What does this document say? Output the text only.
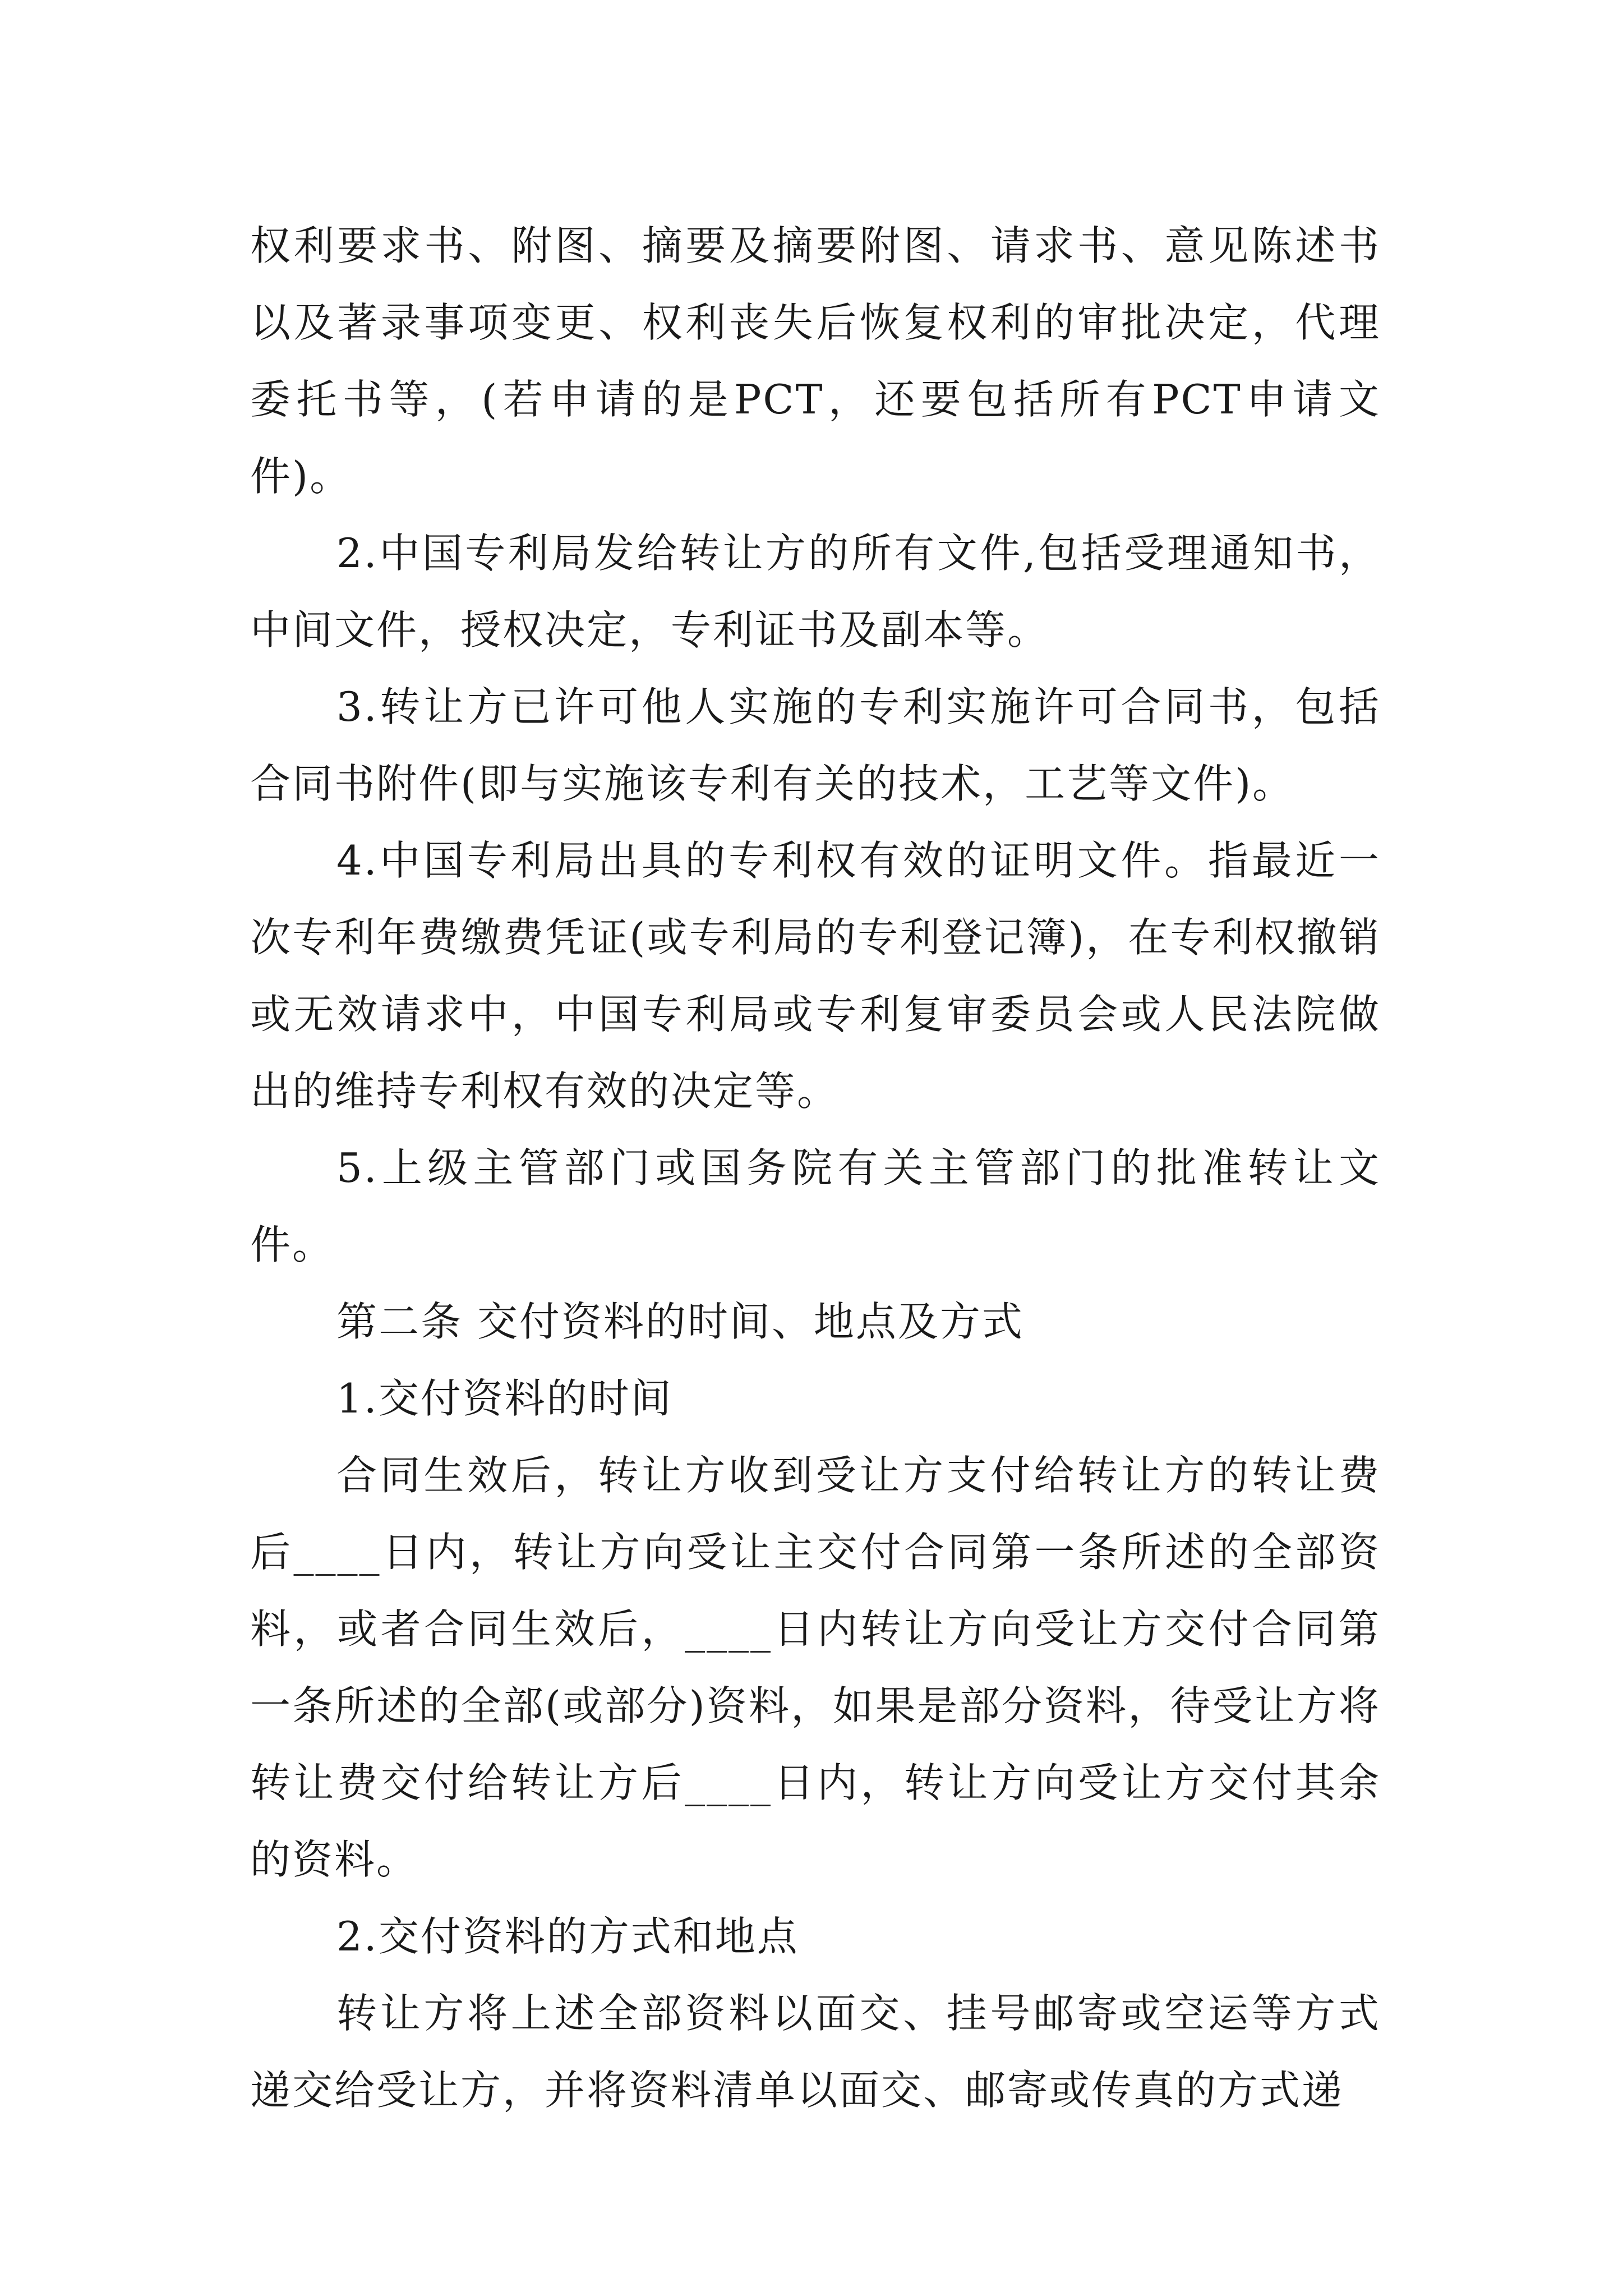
权利要求书、附图、摘要及摘要附图、请求书、意见陈述书以及著录事项变更、权利丧失后恢复权利的审批决定，代理委托书等，(若申请的是PCT，还要包括所有PCT申请文件)。

2.中国专利局发给转让方的所有文件,包括受理通知书，中间文件，授权决定，专利证书及副本等。

3.转让方已许可他人实施的专利实施许可合同书，包括合同书附件(即与实施该专利有关的技术，工艺等文件)。

4.中国专利局出具的专利权有效的证明文件。指最近一次专利年费缴费凭证(或专利局的专利登记簿)，在专利权撤销或无效请求中，中国专利局或专利复审委员会或人民法院做出的维持专利权有效的决定等。

5.上级主管部门或国务院有关主管部门的批准转让文件。

第二条 交付资料的时间、地点及方式

1.交付资料的时间

合同生效后，转让方收到受让方支付给转让方的转让费后____日内，转让方向受让主交付合同第一条所述的全部资料，或者合同生效后，____日内转让方向受让方交付合同第一条所述的全部(或部分)资料，如果是部分资料，待受让方将转让费交付给转让方后____日内，转让方向受让方交付其余的资料。

2.交付资料的方式和地点

转让方将上述全部资料以面交、挂号邮寄或空运等方式递交给受让方，并将资料清单以面交、邮寄或传真的方式递
